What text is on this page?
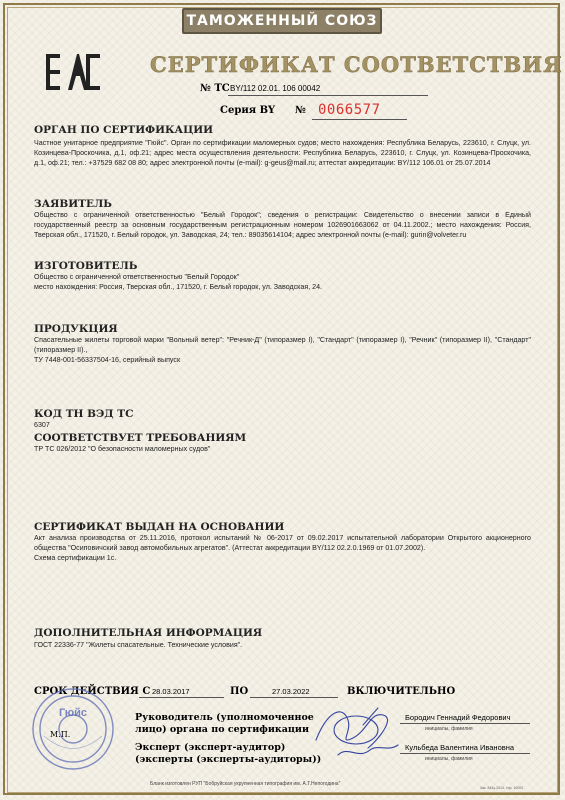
ТАМОЖЕННЫЙ СОЮЗ
СЕРТИФИКАТ СООТВЕТСТВИЯ
№ ТС BY/112 02.01. 106 00042
Серия BY № 0066577
ОРГАН ПО СЕРТИФИКАЦИИ
Частное унитарное предприятие "Гюйс". Орган по сертификации маломерных судов; место нахождения: Республика Беларусь, 223610, г. Слуцк, ул. Козинцева-Проскочика, д.1, оф.21; адрес места осуществления деятельности: Республика Беларусь, 223610, г. Слуцк, ул. Козинцева-Проскочика, д.1, оф.21; тел.: +37529 682 08 80; адрес электронной почты (e-mail): g-geus@mail.ru; аттестат аккредитации: BY/112 106.01 от 25.07.2014
ЗАЯВИТЕЛЬ
Общество с ограниченной ответственностью "Белый Городок"; сведения о регистрации: Свидетельство о внесении записи в Единый государственный реестр за основным государственным регистрационным номером 1026901663062 от 04.11.2002.; место нахождения: Россия, Тверская обл., 171520, г. Белый городок, ул. Заводская, 24; тел.: 89035614104; адрес электронной почты (e-mail): gurin@volveter.ru
ИЗГОТОВИТЕЛЬ

Общество с ограниченной ответственностью "Белый Городок"

место нахождения: Россия, Тверская обл., 171520, г. Белый городок, ул. Заводская, 24.

ПРОДУКЦИЯ

Спасательные жилеты торговой марки "Вольный ветер": "Речник-Д" (типоразмер I), "Стандарт" (типоразмер I), "Речник" (типоразмер II), "Стандарт" (типоразмер II).,

ТУ 7448-001-56337504-16, серийный выпуск

КОД ТН ВЭД ТС
6307
СООТВЕТСТВУЕТ ТРЕБОВАНИЯМ
ТР ТС 026/2012 "О безопасности маломерных судов"
СЕРТИФИКАТ ВЫДАН НА ОСНОВАНИИ

Акт анализа производства от 25.11.2016, протокол испытаний № 06-2017 от 09.02.2017 испытательной лаборатории Открытого акционерного общества "Осиповичский завод автомобильных агрегатов". (Аттестат аккредитации BY/112 02.2.0.1969 от 01.07.2002).

Схема сертификации 1с.

ДОПОЛНИТЕЛЬНАЯ ИНФОРМАЦИЯ
ГОСТ 22336-77 "Жилеты спасательные. Технические условия".
СРОК ДЕЙСТВИЯ С 28.03.2017	ПО	27.03.2022	ВКЛЮЧИТЕЛЬНО
Гюйс
М.П.
Руководитель (уполномоченное
лицо) органа по сертификации
Бородич Геннадий Федорович
инициалы, фамилия
Эксперт (эксперт-аудитор)
(эксперты (эксперты-аудиторы))
Кульбеда Валентина Ивановна
инициалы, фамилия
Бланк изготовлен РУП "Бобруйская укрупненная типография им. А.Т.Непогодина"
Зак. 844у-2014, тир. 10000
